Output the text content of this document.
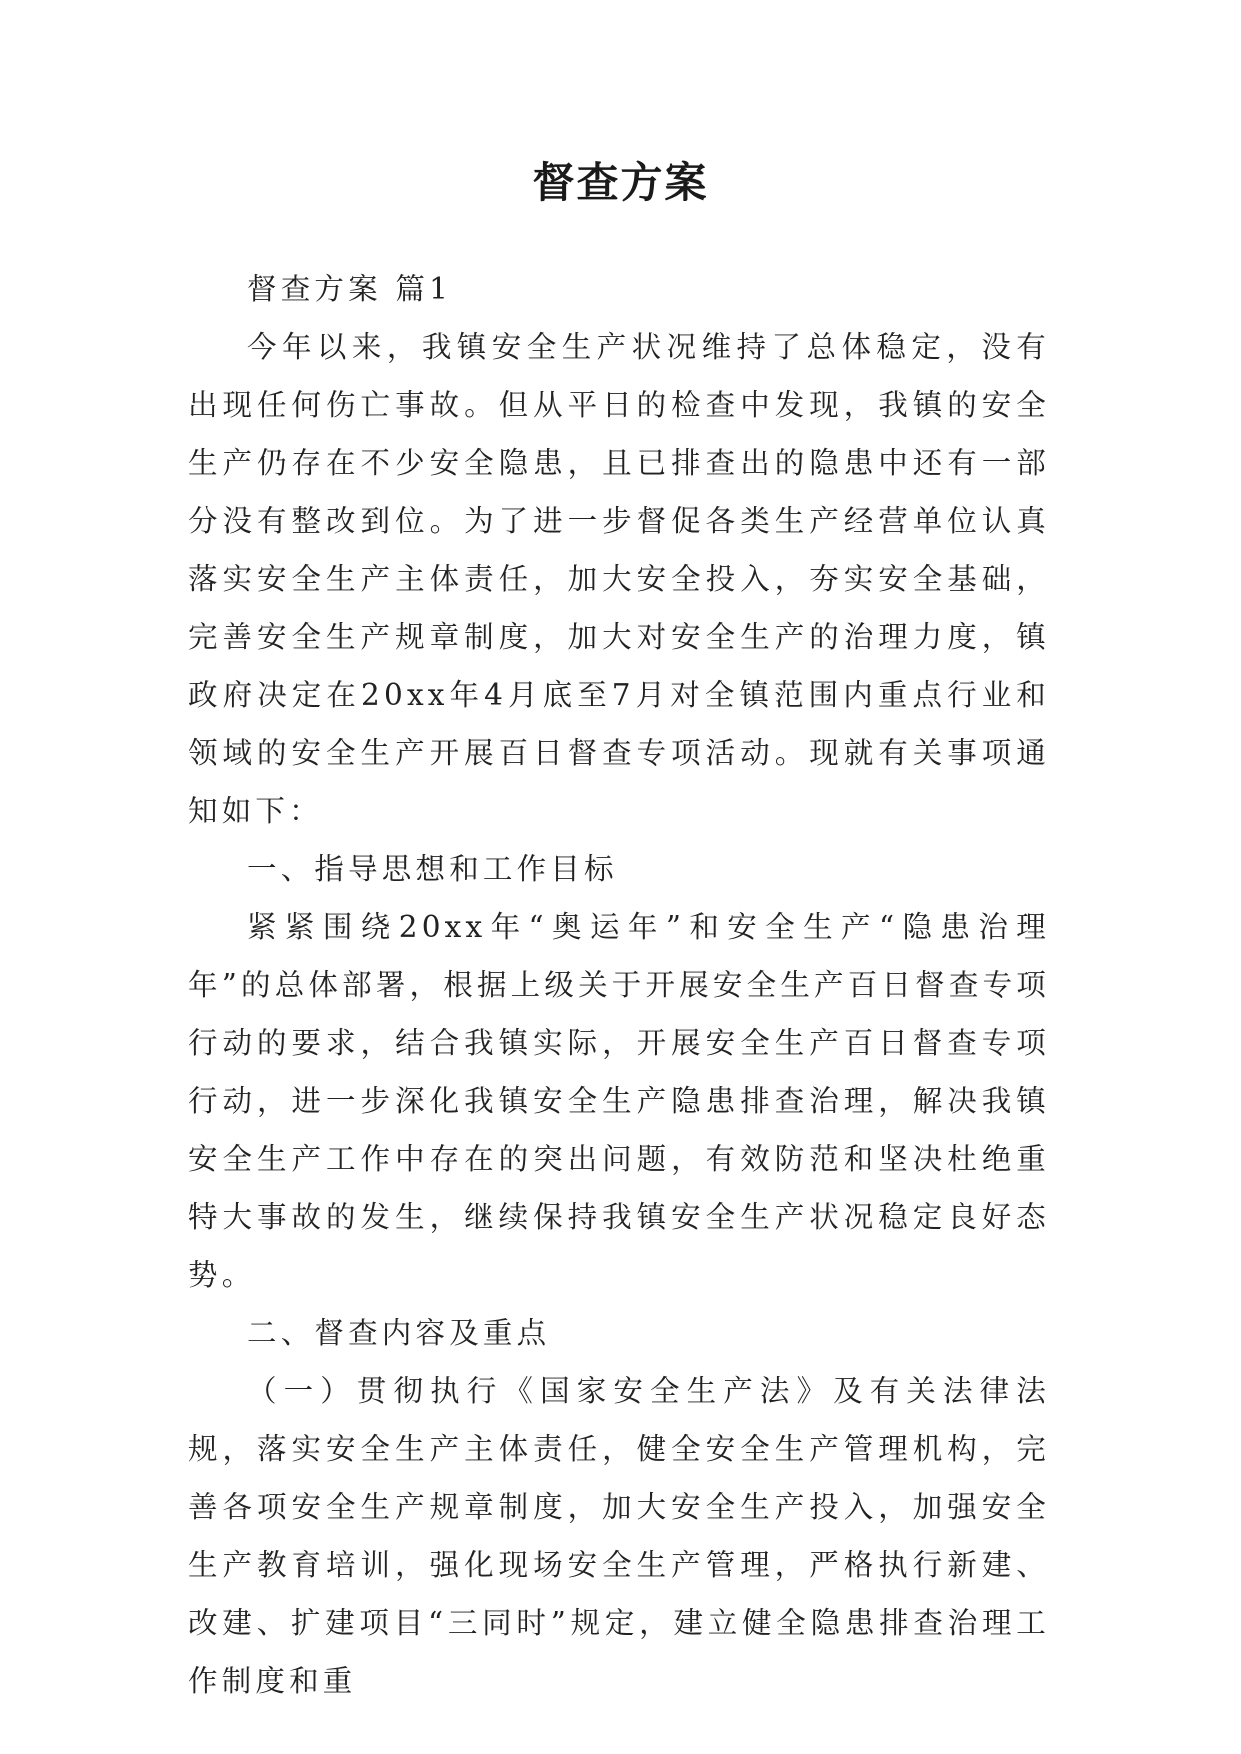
督查方案

督查方案 篇1

今年以来，我镇安全生产状况维持了总体稳定，没有出现任何伤亡事故。但从平日的检查中发现，我镇的安全生产仍存在不少安全隐患，且已排查出的隐患中还有一部分没有整改到位。为了进一步督促各类生产经营单位认真落实安全生产主体责任，加大安全投入，夯实安全基础，完善安全生产规章制度，加大对安全生产的治理力度，镇政府决定在20xx年4月底至7月对全镇范围内重点行业和领域的安全生产开展百日督查专项活动。现就有关事项通知如下：

一、指导思想和工作目标

紧紧围绕20xx年“奥运年”和安全生产“隐患治理年”的总体部署，根据上级关于开展安全生产百日督查专项行动的要求，结合我镇实际，开展安全生产百日督查专项行动，进一步深化我镇安全生产隐患排查治理，解决我镇安全生产工作中存在的突出问题，有效防范和坚决杜绝重特大事故的发生，继续保持我镇安全生产状况稳定良好态势。

二、督查内容及重点

（一）贯彻执行《国家安全生产法》及有关法律法规，落实安全生产主体责任，健全安全生产管理机构，完善各项安全生产规章制度，加大安全生产投入，加强安全生产教育培训，强化现场安全生产管理，严格执行新建、改建、扩建项目“三同时”规定，建立健全隐患排查治理工作制度和重
